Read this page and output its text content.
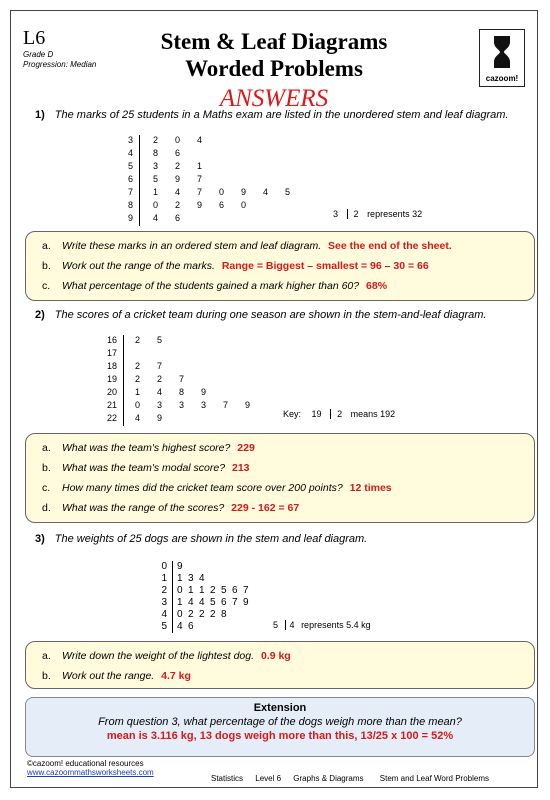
L6
Grade D
Progression: Median
Stem & Leaf Diagrams
Worded Problems
ANSWERS
cazoom!
1) The marks of 25 students in a Maths exam are listed in the unordered stem and leaf diagram.
3 2 0 4
4 8 6
5 3 2 1
6 5 9 7
7 1 4 7 0 9 4 5
8 0 2 9 6 0
9 4 6	3 2 represents 32
a. Write these marks in an ordered stem and leaf diagram. See the end of the sheet.
b. Work out the range of the marks. Range = Biggest – smallest = 96 – 30 = 66
c. What percentage of the students gained a mark higher than 60? 68%
2) The scores of a cricket team during one season are shown in the stem-and-leaf diagram.
16 2 5
17
18 2 7
19 2 2 7
20 1 4 8 9
21 0 3 3 3 7 9
22 4 9	Key: 19 2 means 192
a. What was the team's highest score? 229
b. What was the team's modal score? 213
c. How many times did the cricket team score over 200 points? 12 times
d. What was the range of the scores? 229 - 162 = 67
3) The weights of 25 dogs are shown in the stem and leaf diagram.
0 9
1 1 3 4
2 0 1 1 2 5 6 7
3 1 4 4 5 6 7 9
4 0 2 2 2 8
5 4 6	5 4 represents 5.4 kg
a. Write down the weight of the lightest dog. 0.9 kg
b. Work out the range. 4.7 kg
Extension
From question 3, what percentage of the dogs weigh more than the mean?
mean is 3.116 kg, 13 dogs weigh more than this, 13/25 x 100 = 52%
©cazoom! educational resources
www.cazoommathsworksheets.com
Statistics Level 6 Graphs & Diagrams Stem and Leaf Word Problems
